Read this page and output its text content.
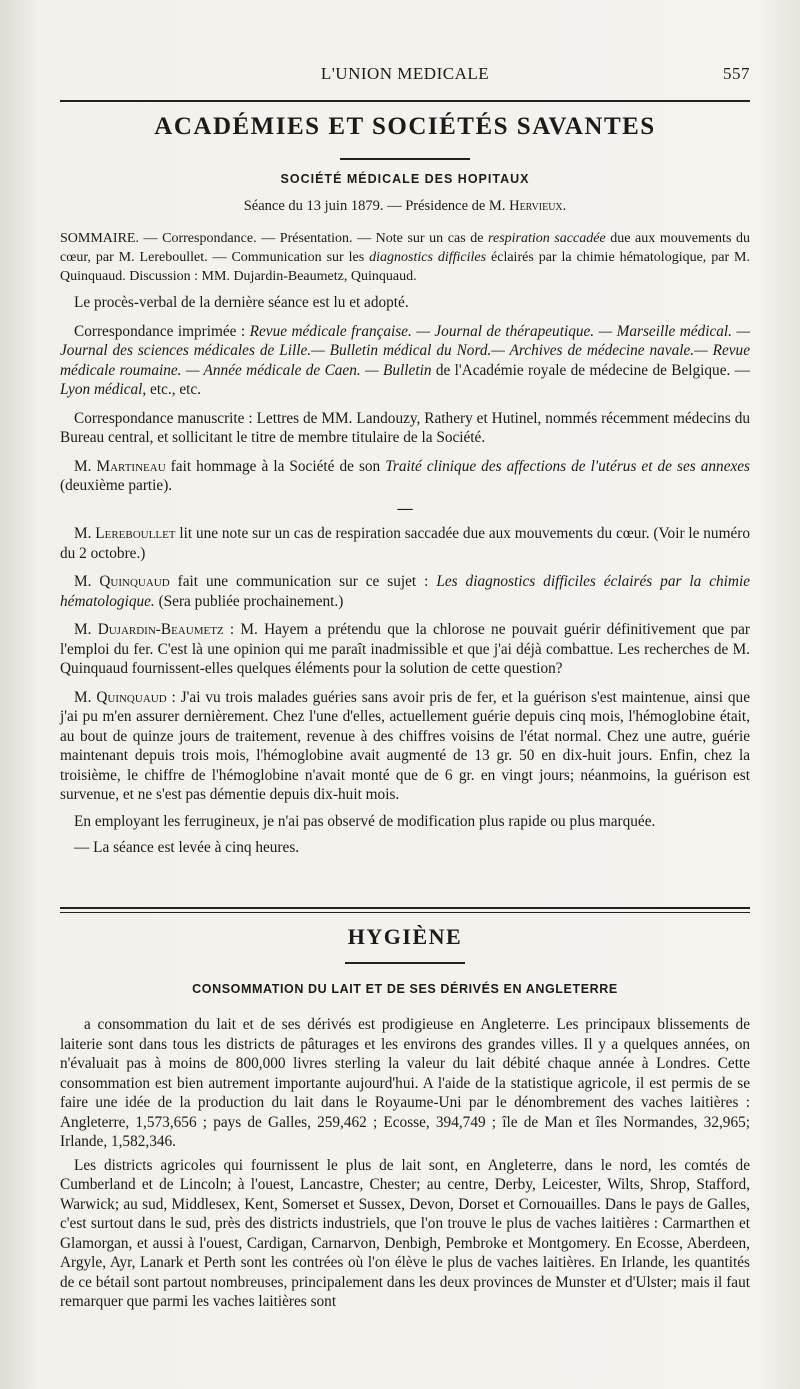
L'UNION MEDICALE	557
ACADÉMIES ET SOCIÉTÉS SAVANTES
SOCIÉTÉ MÉDICALE DES HOPITAUX
Séance du 13 juin 1879. — Présidence de M. Hervieux.
SOMMAIRE. — Correspondance. — Présentation. — Note sur un cas de respiration saccadée due aux mouvements du cœur, par M. Lereboullet. — Communication sur les diagnostics difficiles éclairés par la chimie hématologique, par M. Quinquaud. Discussion : MM. Dujardin-Beaumetz, Quinquaud.

Le procès-verbal de la dernière séance est lu et adopté.

Correspondance imprimée : Revue médicale française. — Journal de thérapeutique. — Marseille médical. — Journal des sciences médicales de Lille.— Bulletin médical du Nord.— Archives de médecine navale.— Revue médicale roumaine. — Année médicale de Caen. — Bulletin de l'Académie royale de médecine de Belgique. — Lyon médical, etc., etc.

Correspondance manuscrite : Lettres de MM. Landouzy, Rathery et Hutinel, nommés récemment médecins du Bureau central, et sollicitant le titre de membre titulaire de la Société.

M. Martineau fait hommage à la Société de son Traité clinique des affections de l'utérus et de ses annexes (deuxième partie).

—

M. Lereboullet lit une note sur un cas de respiration saccadée due aux mouvements du cœur. (Voir le numéro du 2 octobre.)

M. Quinquaud fait une communication sur ce sujet : Les diagnostics difficiles éclairés par la chimie hématologique. (Sera publiée prochainement.)

M. Dujardin-Beaumetz : M. Hayem a prétendu que la chlorose ne pouvait guérir définitivement que par l'emploi du fer. C'est là une opinion qui me paraît inadmissible et que j'ai déjà combattue. Les recherches de M. Quinquaud fournissent-elles quelques éléments pour la solution de cette question?

M. Quinquaud : J'ai vu trois malades guéries sans avoir pris de fer, et la guérison s'est maintenue, ainsi que j'ai pu m'en assurer dernièrement. Chez l'une d'elles, actuellement guérie depuis cinq mois, l'hémoglobine était, au bout de quinze jours de traitement, revenue à des chiffres voisins de l'état normal. Chez une autre, guérie maintenant depuis trois mois, l'hémoglobine avait augmenté de 13 gr. 50 en dix-huit jours. Enfin, chez la troisième, le chiffre de l'hémoglobine n'avait monté que de 6 gr. en vingt jours; néanmoins, la guérison est survenue, et ne s'est pas démentie depuis dix-huit mois.

En employant les ferrugineux, je n'ai pas observé de modification plus rapide ou plus marquée.

— La séance est levée à cinq heures.

HYGIÈNE
CONSOMMATION DU LAIT ET DE SES DÉRIVÉS EN ANGLETERRE

a consommation du lait et de ses dérivés est prodigieuse en Angleterre. Les principaux blissements de laiterie sont dans tous les districts de pâturages et les environs des grandes villes. Il y a quelques années, on n'évaluait pas à moins de 800,000 livres sterling la valeur du lait débité chaque année à Londres. Cette consommation est bien autrement importante aujourd'hui. A l'aide de la statistique agricole, il est permis de se faire une idée de la production du lait dans le Royaume-Uni par le dénombrement des vaches laitières : Angleterre, 1,573,656 ; pays de Galles, 259,462 ; Ecosse, 394,749 ; île de Man et îles Normandes, 32,965; Irlande, 1,582,346.

Les districts agricoles qui fournissent le plus de lait sont, en Angleterre, dans le nord, les comtés de Cumberland et de Lincoln; à l'ouest, Lancastre, Chester; au centre, Derby, Leicester, Wilts, Shrop, Stafford, Warwick; au sud, Middlesex, Kent, Somerset et Sussex, Devon, Dorset et Cornouailles. Dans le pays de Galles, c'est surtout dans le sud, près des districts industriels, que l'on trouve le plus de vaches laitières : Carmarthen et Glamorgan, et aussi à l'ouest, Cardigan, Carnarvon, Denbigh, Pembroke et Montgomery. En Ecosse, Aberdeen, Argyle, Ayr, Lanark et Perth sont les contrées où l'on élève le plus de vaches laitières. En Irlande, les quantités de ce bétail sont partout nombreuses, principalement dans les deux provinces de Munster et d'Ulster; mais il faut remarquer que parmi les vaches laitières sont
